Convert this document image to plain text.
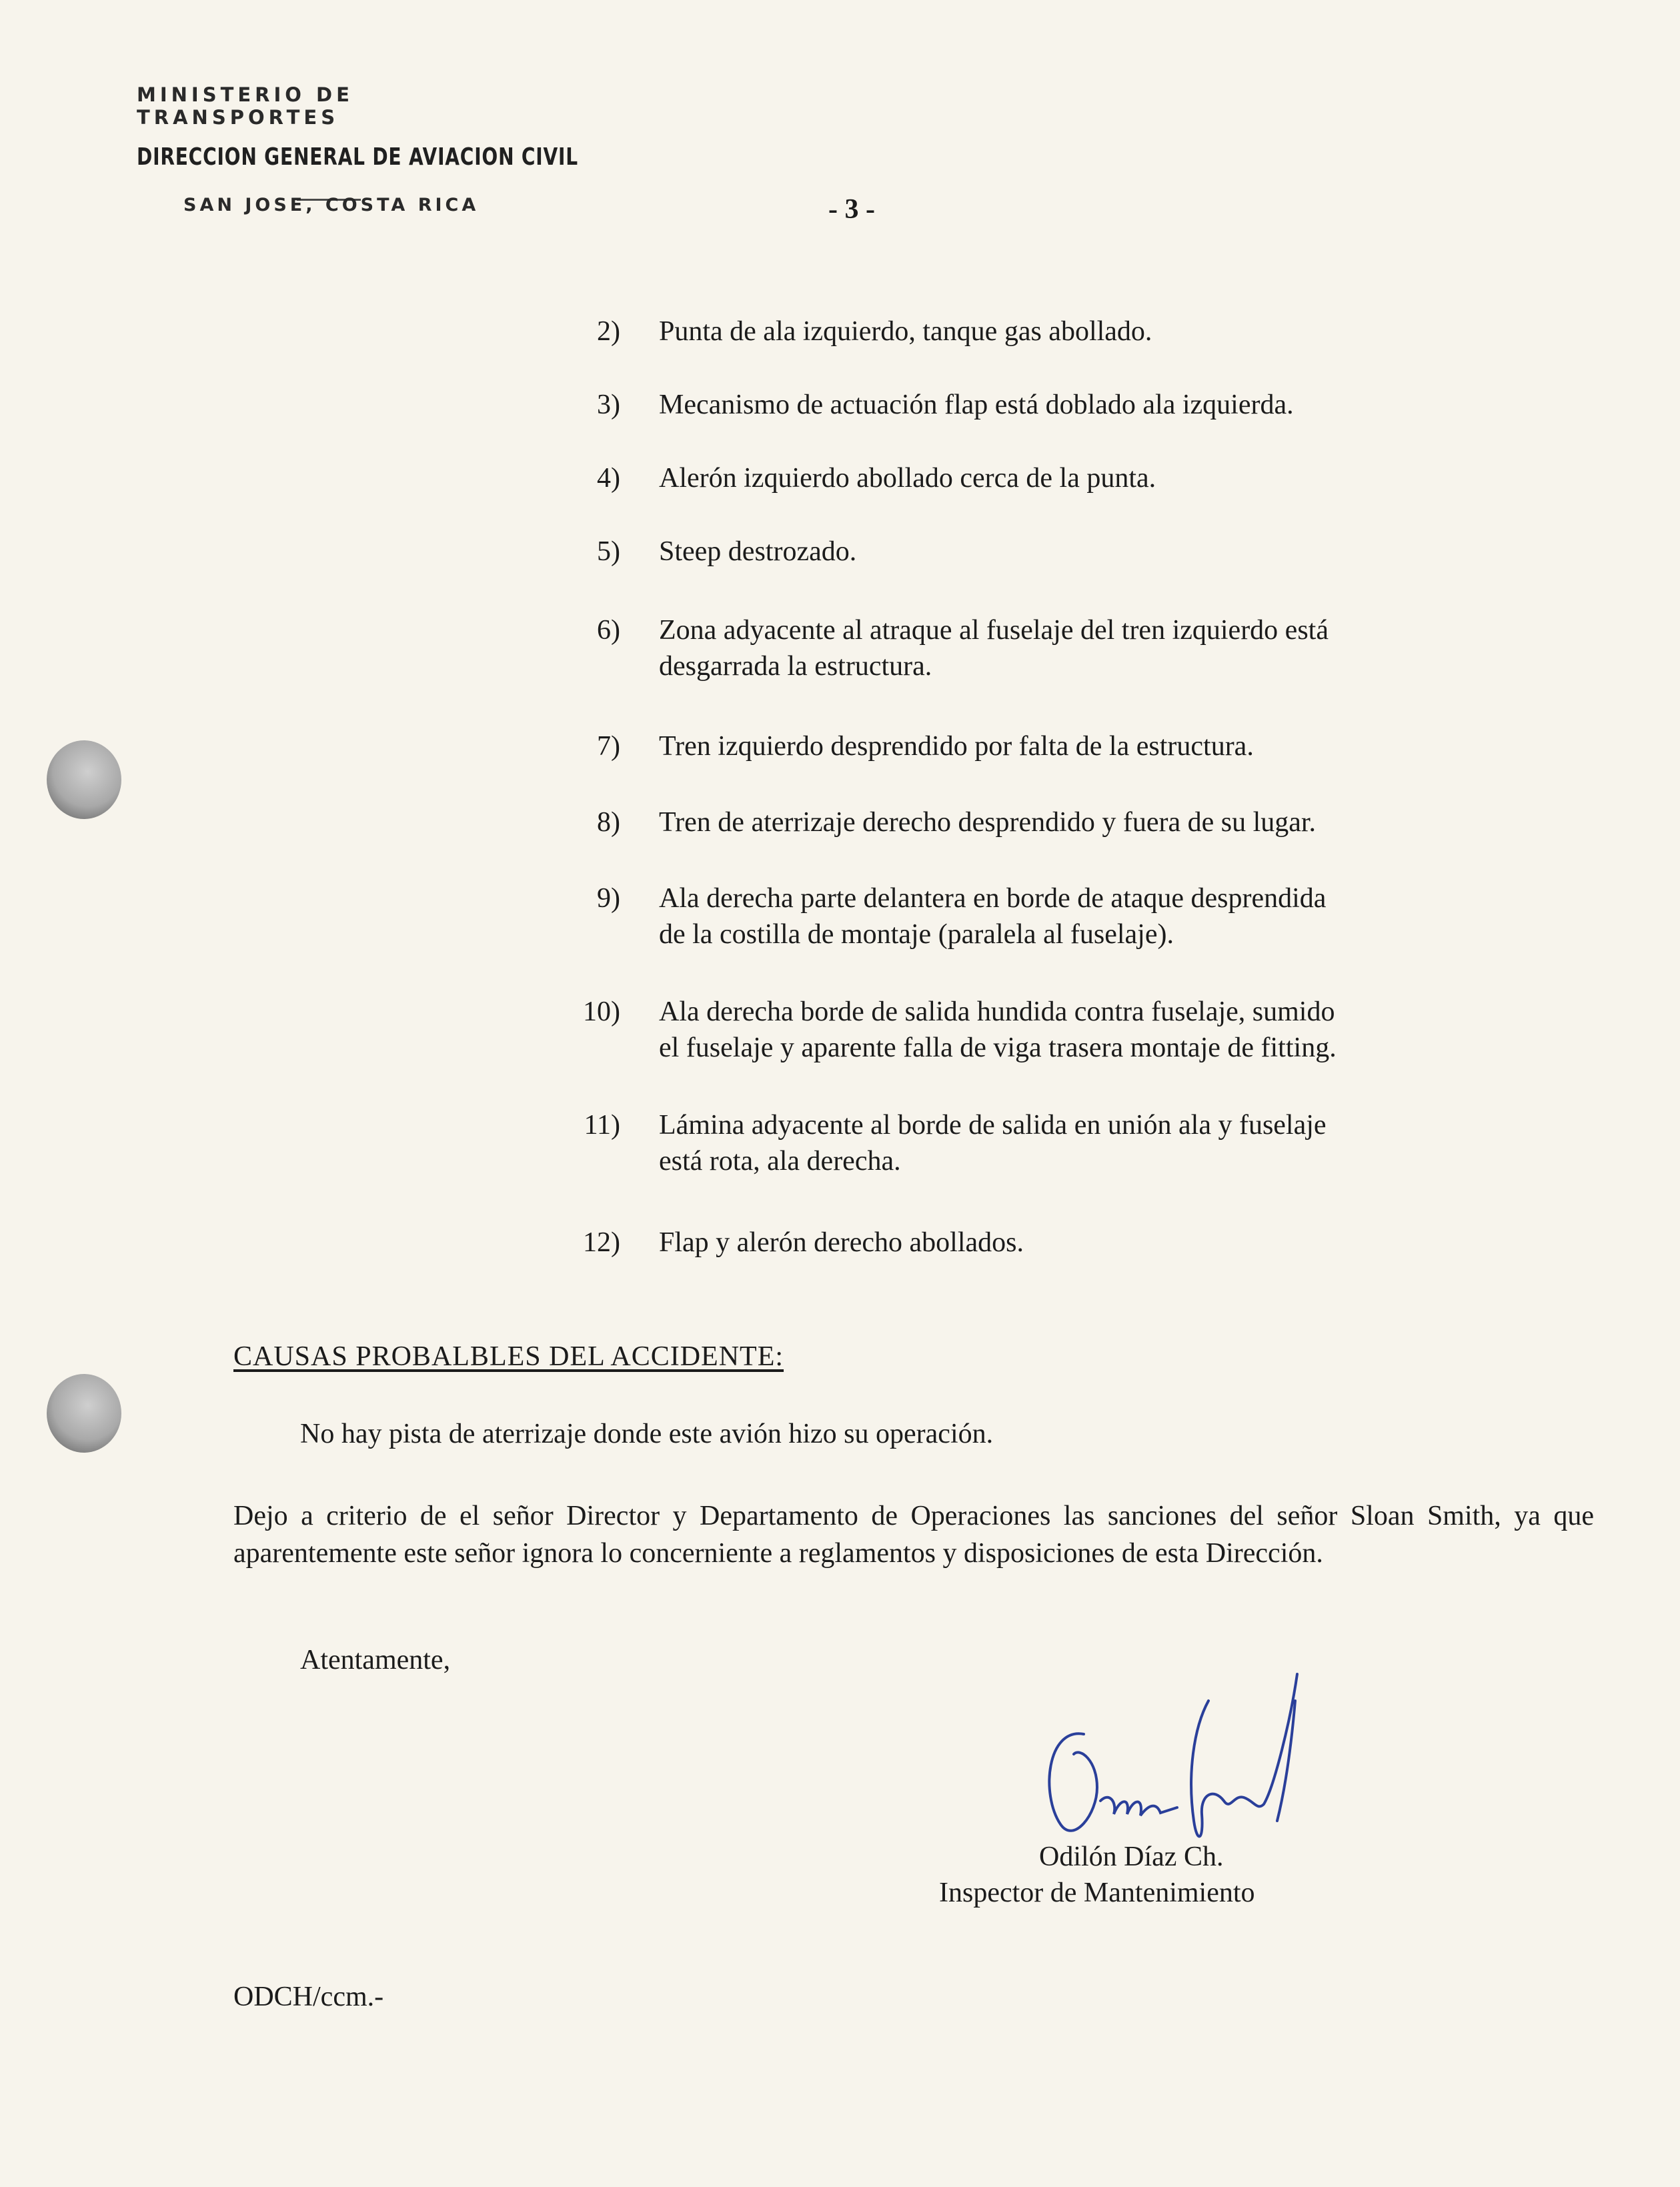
MINISTERIO DE TRANSPORTES
DIRECCION GENERAL DE AVIACION CIVIL
SAN JOSE, COSTA RICA	- 3 -
2) Punta de ala izquierdo, tanque gas abollado.
3) Mecanismo de actuación flap está doblado ala izquierda.
4) Alerón izquierdo abollado cerca de la punta.
5) Steep destrozado.
6) Zona adyacente al atraque al fuselaje del tren izquierdo está
desgarrada la estructura.
7) Tren izquierdo desprendido por falta de la estructura.
8) Tren de aterrizaje derecho desprendido y fuera de su lugar.
9) Ala derecha parte delantera en borde de ataque desprendida
de la costilla de montaje (paralela al fuselaje).
10) Ala derecha borde de salida hundida contra fuselaje, sumido
el fuselaje y aparente falla de viga trasera montaje de fitting.
11) Lámina adyacente al borde de salida en unión ala y fuselaje
está rota, ala derecha.
12) Flap y alerón derecho abollados.
CAUSAS PROBALBLES DEL ACCIDENTE:
No hay pista de aterrizaje donde este avión hizo su operación.
Dejo a criterio de el señor Director y Departamento de Operaciones las sanciones del señor Sloan Smith, ya que aparentemente este señor ignora lo concerniente a reglamentos y disposiciones de esta Dirección.
Atentamente,
Odilón Díaz Ch.
Inspector de Mantenimiento
ODCH/ccm.-
